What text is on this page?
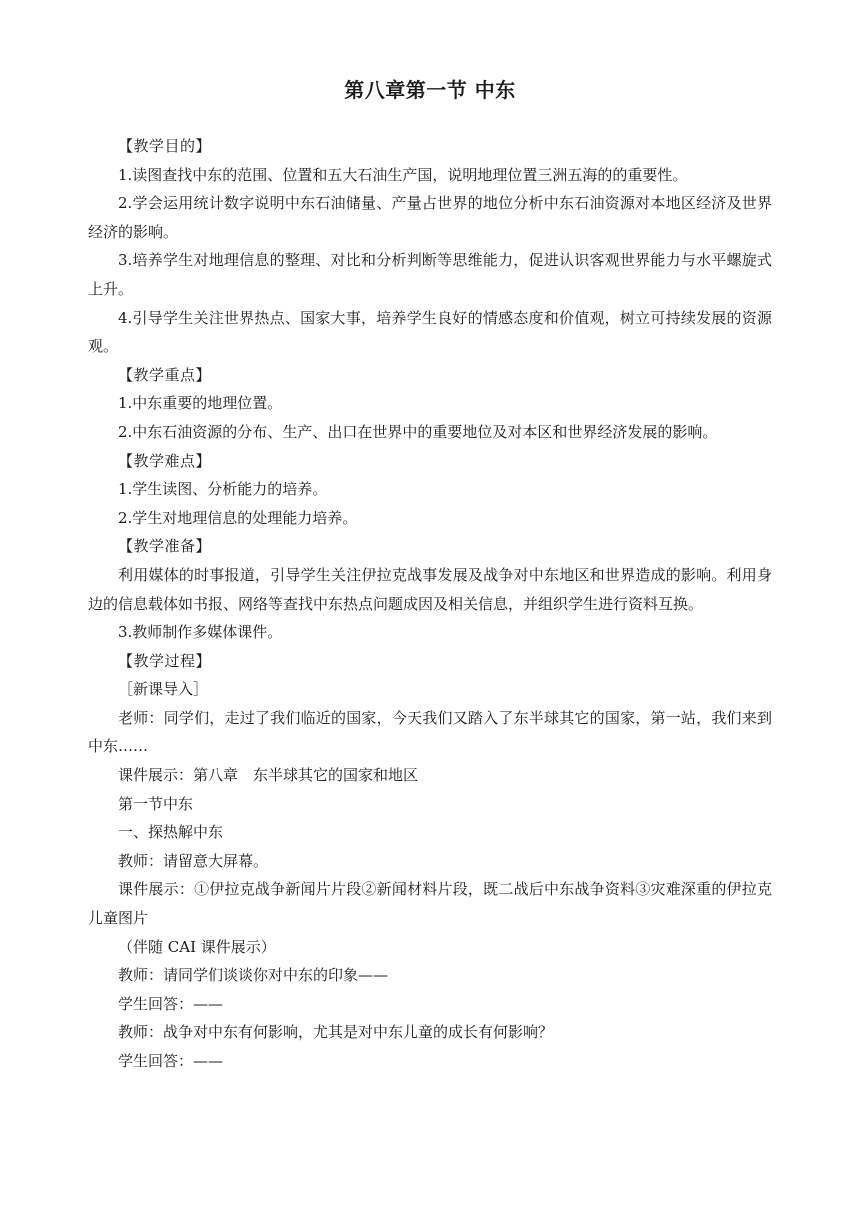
第八章第一节 中东

【教学目的】

1.读图查找中东的范围、位置和五大石油生产国，说明地理位置三洲五海的的重要性。

2.学会运用统计数字说明中东石油储量、产量占世界的地位分析中东石油资源对本地区经济及世界经济的影响。

3.培养学生对地理信息的整理、对比和分析判断等思维能力，促进认识客观世界能力与水平螺旋式上升。

4.引导学生关注世界热点、国家大事，培养学生良好的情感态度和价值观，树立可持续发展的资源观。

【教学重点】

1.中东重要的地理位置。

2.中东石油资源的分布、生产、出口在世界中的重要地位及对本区和世界经济发展的影响。

【教学难点】

1.学生读图、分析能力的培养。

2.学生对地理信息的处理能力培养。

【教学准备】

利用媒体的时事报道，引导学生关注伊拉克战事发展及战争对中东地区和世界造成的影响。利用身边的信息载体如书报、网络等查找中东热点问题成因及相关信息，并组织学生进行资料互换。

3.教师制作多媒体课件。

【教学过程】

［新课导入］

老师：同学们，走过了我们临近的国家，今天我们又踏入了东半球其它的国家，第一站，我们来到中东……

课件展示：第八章　东半球其它的国家和地区

第一节中东

一、探热解中东

教师：请留意大屏幕。

课件展示：①伊拉克战争新闻片片段②新闻材料片段，既二战后中东战争资料③灾难深重的伊拉克儿童图片

（伴随 CAI 课件展示）

教师：请同学们谈谈你对中东的印象——

学生回答：——

教师：战争对中东有何影响，尤其是对中东儿童的成长有何影响？

学生回答：——
